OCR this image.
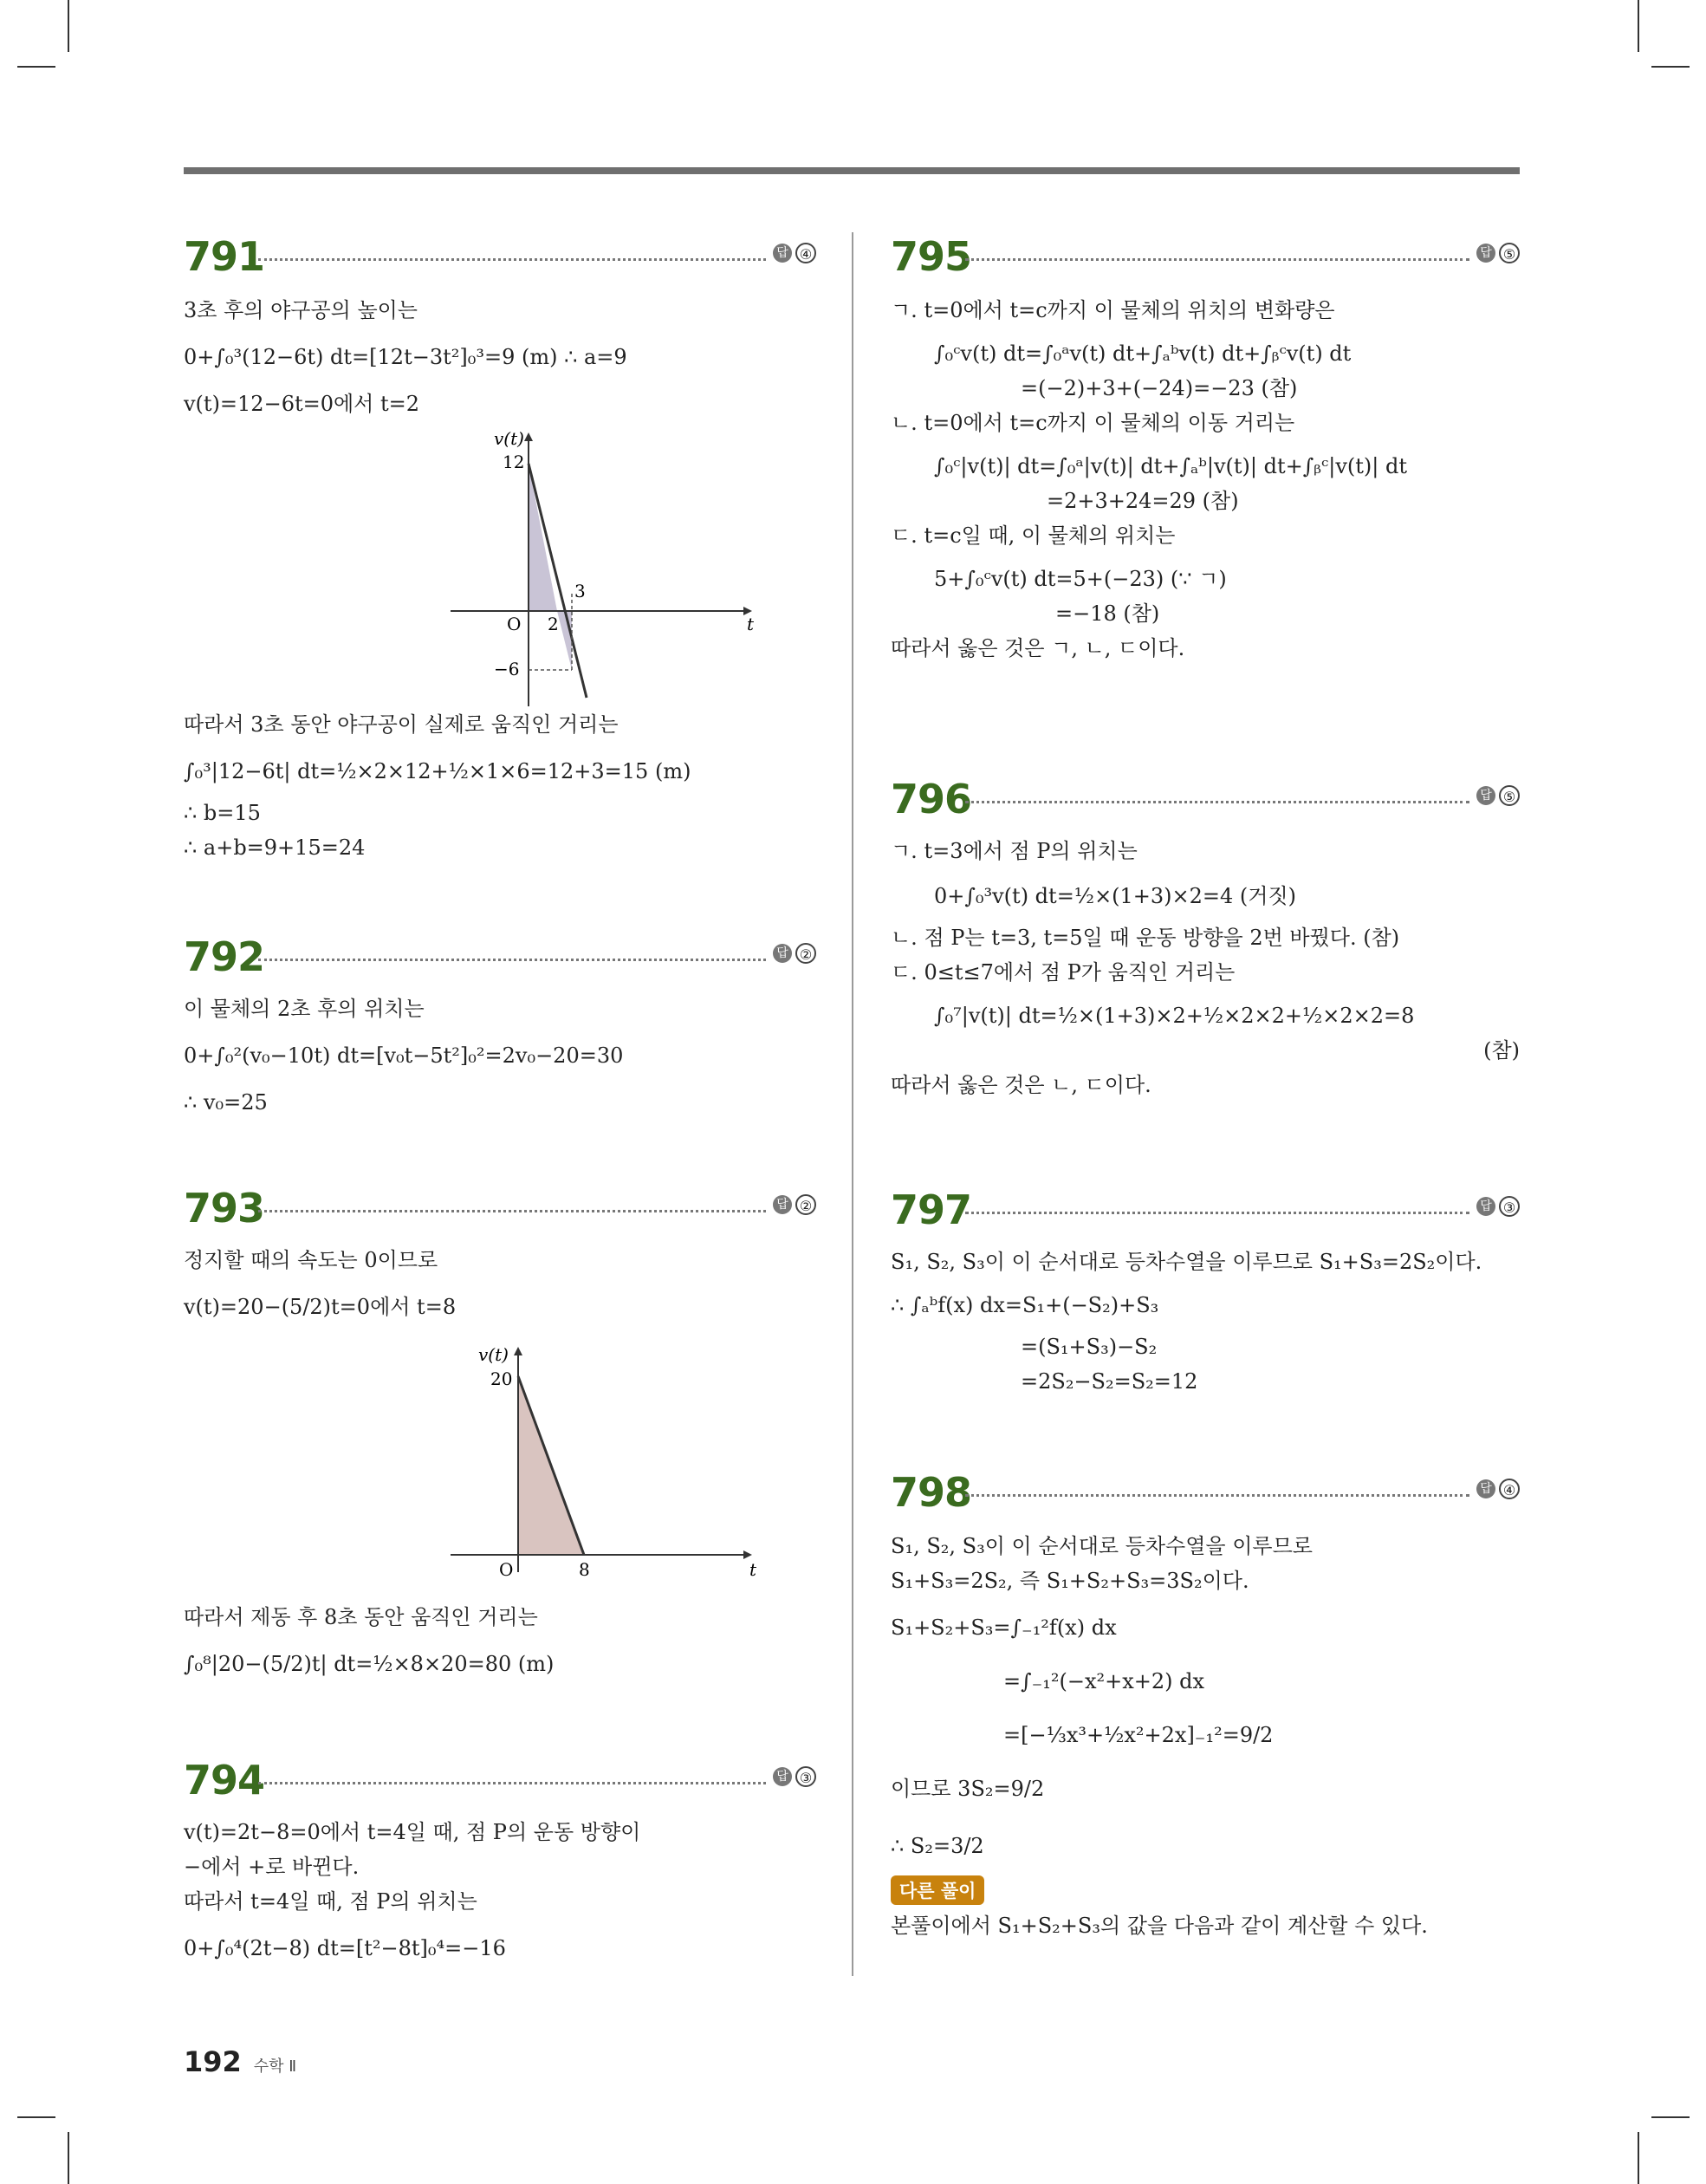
791	답 ④
3초 후의 야구공의 높이는
0+∫₀³(12−6t) dt=[12t−3t²]₀³=9 (m) ∴ a=9
v(t)=12−6t=0에서 t=2
v(t)
t
O
12
−6
2
3
따라서 3초 동안 야구공이 실제로 움직인 거리는
∫₀³|12−6t| dt=½×2×12+½×1×6=12+3=15 (m)
∴ b=15
∴ a+b=9+15=24
792	답 ②
이 물체의 2초 후의 위치는
0+∫₀²(v₀−10t) dt=[v₀t−5t²]₀²=2v₀−20=30
∴ v₀=25
793	답 ②
정지할 때의 속도는 0이므로
v(t)=20−(5/2)t=0에서 t=8
v(t)
t
O
20
8
따라서 제동 후 8초 동안 움직인 거리는
∫₀⁸|20−(5/2)t| dt=½×8×20=80 (m)
794	답 ③
v(t)=2t−8=0에서 t=4일 때, 점 P의 운동 방향이
−에서 +로 바뀐다.
따라서 t=4일 때, 점 P의 위치는
0+∫₀⁴(2t−8) dt=[t²−8t]₀⁴=−16
795	답 ⑤
ㄱ. t=0에서 t=c까지 이 물체의 위치의 변화량은
∫₀ᶜv(t) dt=∫₀ᵃv(t) dt+∫ₐᵇv(t) dt+∫ᵦᶜv(t) dt
=(−2)+3+(−24)=−23 (참)
ㄴ. t=0에서 t=c까지 이 물체의 이동 거리는
∫₀ᶜ|v(t)| dt=∫₀ᵃ|v(t)| dt+∫ₐᵇ|v(t)| dt+∫ᵦᶜ|v(t)| dt
=2+3+24=29 (참)
ㄷ. t=c일 때, 이 물체의 위치는
5+∫₀ᶜv(t) dt=5+(−23) (∵ ㄱ)
=−18 (참)
따라서 옳은 것은 ㄱ, ㄴ, ㄷ이다.
796	답 ⑤
ㄱ. t=3에서 점 P의 위치는
0+∫₀³v(t) dt=½×(1+3)×2=4 (거짓)
ㄴ. 점 P는 t=3, t=5일 때 운동 방향을 2번 바꿨다. (참)
ㄷ. 0≤t≤7에서 점 P가 움직인 거리는
∫₀⁷|v(t)| dt=½×(1+3)×2+½×2×2+½×2×2=8
(참)
따라서 옳은 것은 ㄴ, ㄷ이다.
797	답 ③
S₁, S₂, S₃이 이 순서대로 등차수열을 이루므로 S₁+S₃=2S₂이다.
∴ ∫ₐᵇf(x) dx=S₁+(−S₂)+S₃
=(S₁+S₃)−S₂
=2S₂−S₂=S₂=12
798	답 ④
S₁, S₂, S₃이 이 순서대로 등차수열을 이루므로
S₁+S₃=2S₂, 즉 S₁+S₂+S₃=3S₂이다.
S₁+S₂+S₃=∫₋₁²f(x) dx
=∫₋₁²(−x²+x+2) dx
=[−⅓x³+½x²+2x]₋₁²=9/2
이므로 3S₂=9/2
∴ S₂=3/2
다른 풀이
본풀이에서 S₁+S₂+S₃의 값을 다음과 같이 계산할 수 있다.
192 수학 Ⅱ
